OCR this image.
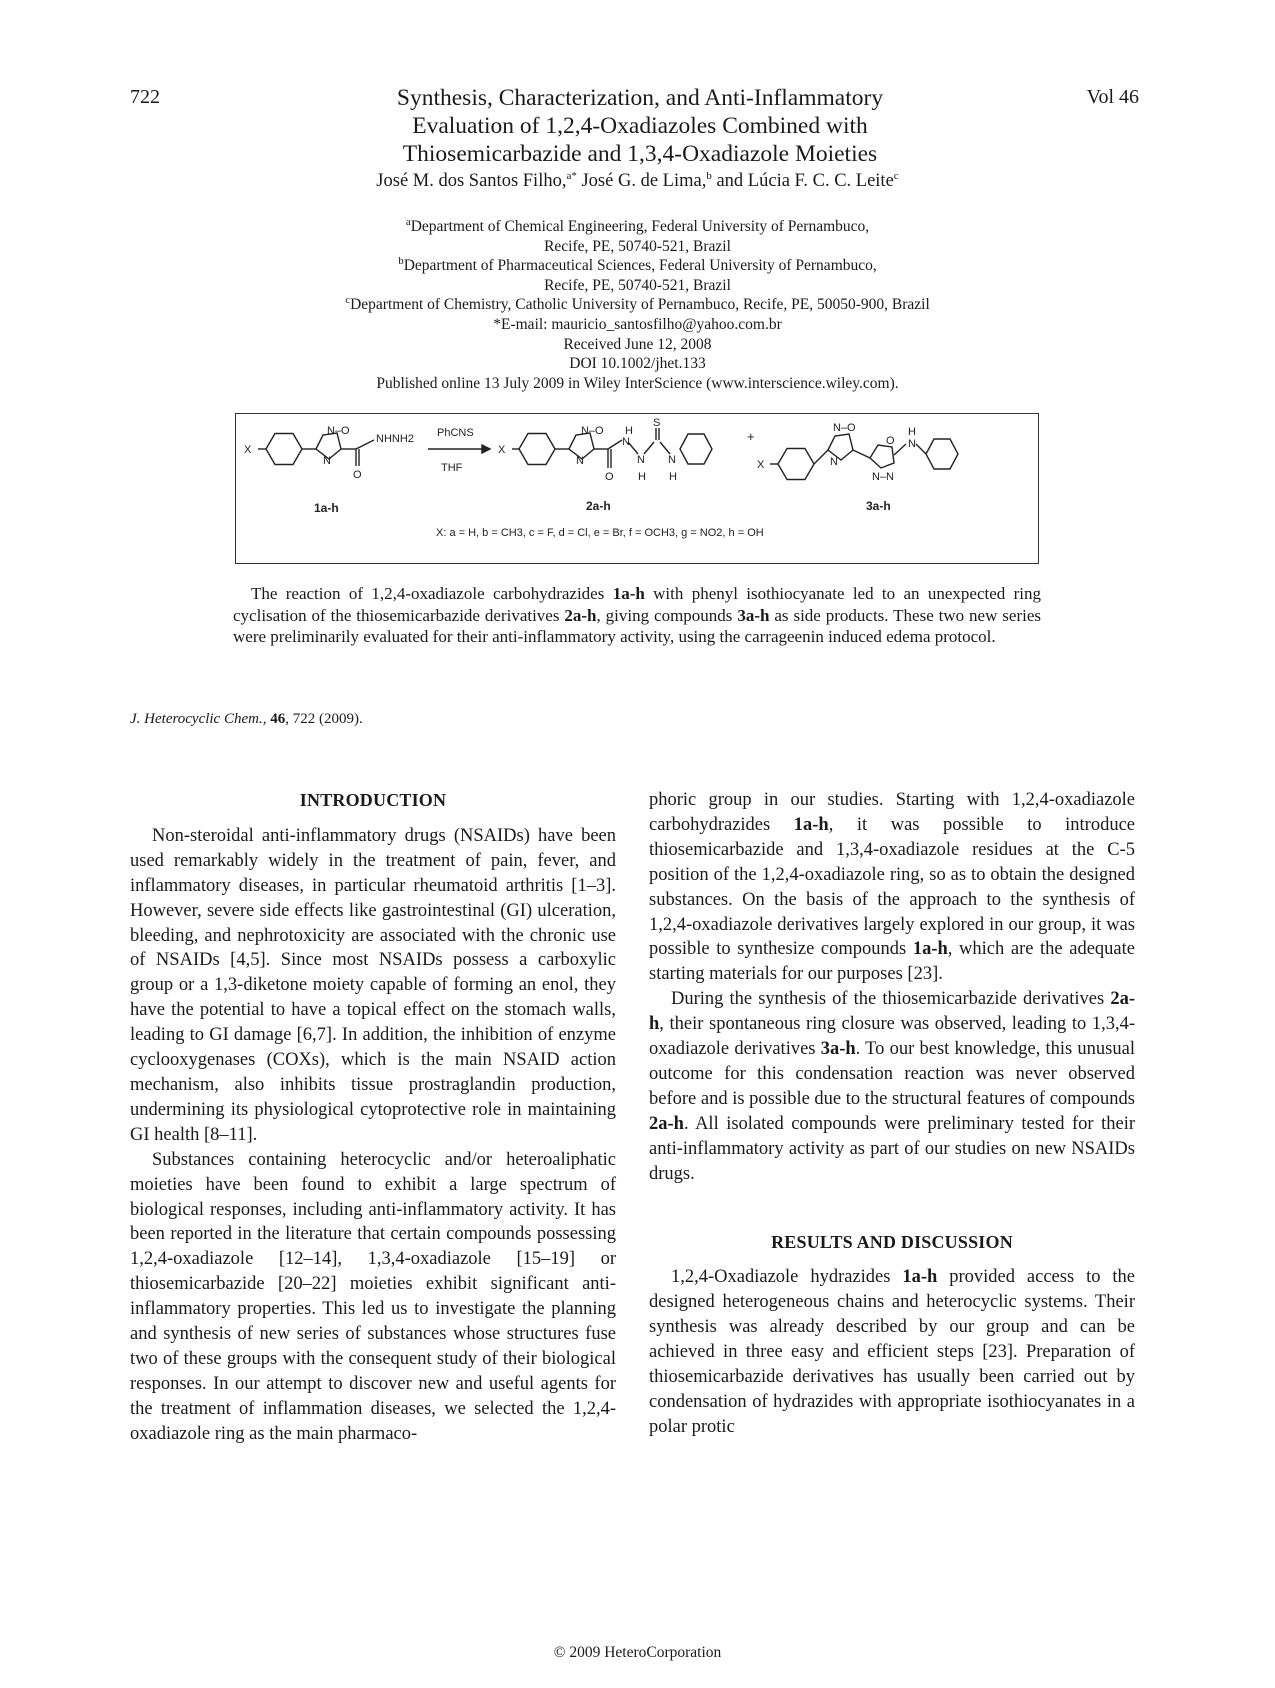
722	Vol 46
Synthesis, Characterization, and Anti-Inflammatory
Evaluation of 1,2,4-Oxadiazoles Combined with
Thiosemicarbazide and 1,3,4-Oxadiazole Moieties
José M. dos Santos Filho,$^{a*}$ José G. de Lima,$^b$ and Lúcia F. C. C. Leite$^c$
$^a$Department of Chemical Engineering, Federal University of Pernambuco,
Recife, PE, 50740-521, Brazil
$^b$Department of Pharmaceutical Sciences, Federal University of Pernambuco,
Recife, PE, 50740-521, Brazil
$^c$Department of Chemistry, Catholic University of Pernambuco, Recife, PE, 50050-900, Brazil
*E-mail: mauricio_santosfilho@yahoo.com.br
Received June 12, 2008
DOI 10.1002/jhet.133
Published online 13 July 2009 in Wiley InterScience (www.interscience.wiley.com).
X
N–O
N
O
NHNH2 PhCNS
THF
X
N–O
N
O
N
H
N
H
S
N
H
+
X
N–O
N
O
N–N
N
H
1a-h	2a-h	3a-h
X: a = H, b = CH3, c = F, d = Cl, e = Br, f = OCH3, g = NO2, h = OH

The reaction of 1,2,4-oxadiazole carbohydrazides 1a-h with phenyl isothiocyanate led to an unexpected ring cyclisation of the thiosemicarbazide derivatives 2a-h, giving compounds 3a-h as side products. These two new series were preliminarily evaluated for their anti-inflammatory activity, using the carrageenin induced edema protocol.

J. Heterocyclic Chem., 46, 722 (2009).
INTRODUCTION

Non-steroidal anti-inflammatory drugs (NSAIDs) have been used remarkably widely in the treatment of pain, fever, and inflammatory diseases, in particular rheumatoid arthritis [1–3]. However, severe side effects like gastrointestinal (GI) ulceration, bleeding, and nephrotoxicity are associated with the chronic use of NSAIDs [4,5]. Since most NSAIDs possess a carboxylic group or a 1,3-diketone moiety capable of forming an enol, they have the potential to have a topical effect on the stomach walls, leading to GI damage [6,7]. In addition, the inhibition of enzyme cyclooxygenases (COXs), which is the main NSAID action mechanism, also inhibits tissue prostraglandin production, undermining its physiological cytoprotective role in maintaining GI health [8–11].

Substances containing heterocyclic and/or heteroaliphatic moieties have been found to exhibit a large spectrum of biological responses, including anti-inflammatory activity. It has been reported in the literature that certain compounds possessing 1,2,4-oxadiazole [12–14], 1,3,4-oxadiazole [15–19] or thiosemicarbazide [20–22] moieties exhibit significant anti-inflammatory properties. This led us to investigate the planning and synthesis of new series of substances whose structures fuse two of these groups with the consequent study of their biological responses. In our attempt to discover new and useful agents for the treatment of inflammation diseases, we selected the 1,2,4-oxadiazole ring as the main pharmaco-

phoric group in our studies. Starting with 1,2,4-oxadiazole carbohydrazides 1a-h, it was possible to introduce thiosemicarbazide and 1,3,4-oxadiazole residues at the C-5 position of the 1,2,4-oxadiazole ring, so as to obtain the designed substances. On the basis of the approach to the synthesis of 1,2,4-oxadiazole derivatives largely explored in our group, it was possible to synthesize compounds 1a-h, which are the adequate starting materials for our purposes [23].

During the synthesis of the thiosemicarbazide derivatives 2a-h, their spontaneous ring closure was observed, leading to 1,3,4-oxadiazole derivatives 3a-h. To our best knowledge, this unusual outcome for this condensation reaction was never observed before and is possible due to the structural features of compounds 2a-h. All isolated compounds were preliminary tested for their anti-inflammatory activity as part of our studies on new NSAIDs drugs.

RESULTS AND DISCUSSION

1,2,4-Oxadiazole hydrazides 1a-h provided access to the designed heterogeneous chains and heterocyclic systems. Their synthesis was already described by our group and can be achieved in three easy and efficient steps [23]. Preparation of thiosemicarbazide derivatives has usually been carried out by condensation of hydrazides with appropriate isothiocyanates in a polar protic

© 2009 HeteroCorporation
